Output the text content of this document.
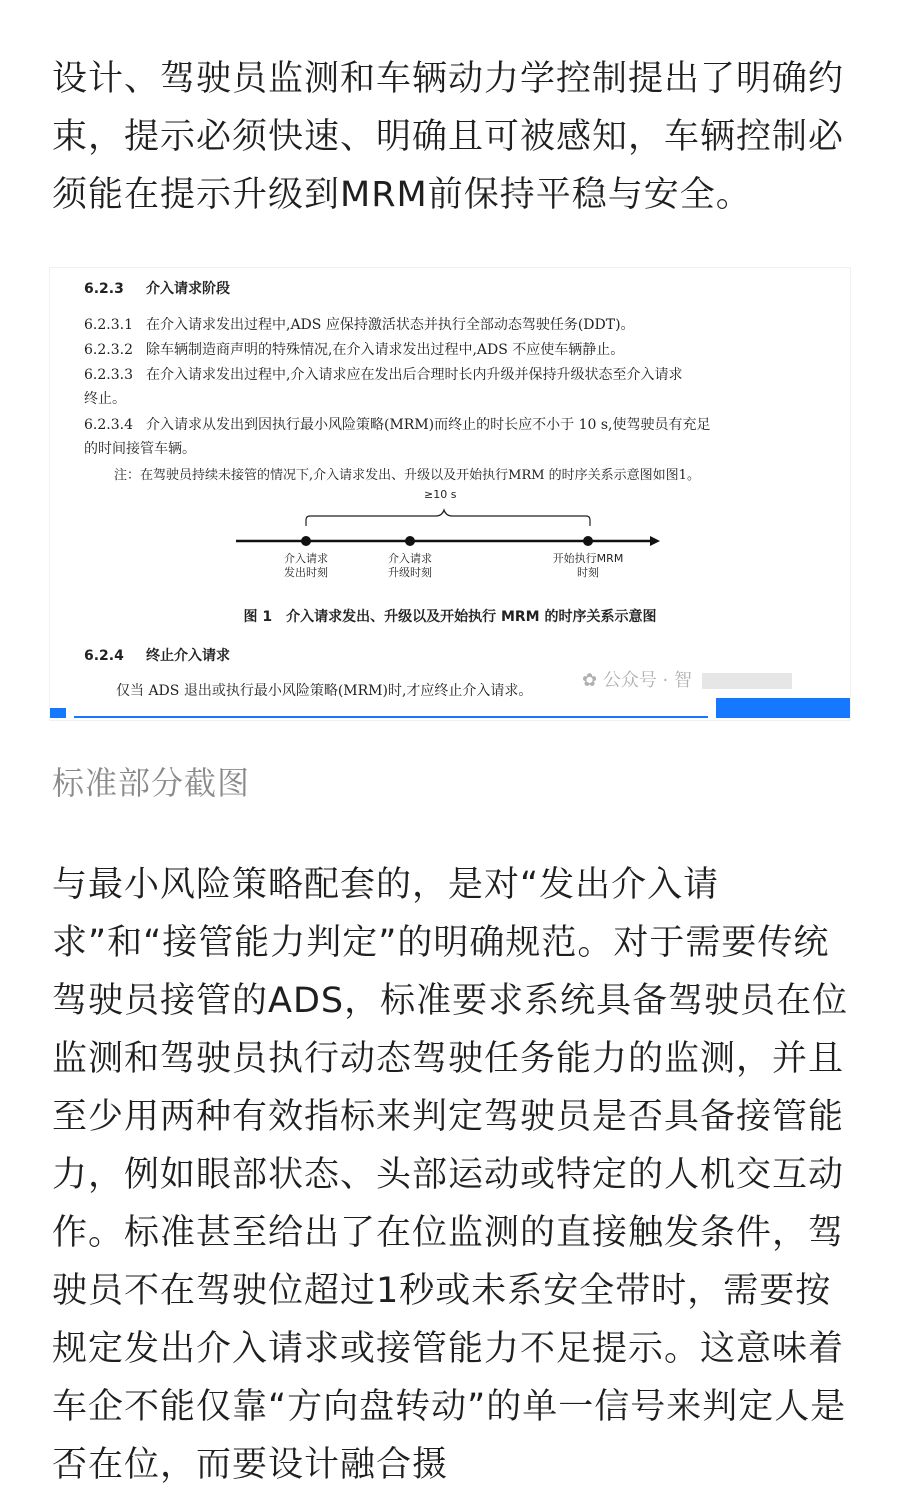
设计、驾驶员监测和车辆动力学控制提出了明确约束，提示必须快速、明确且可被感知，车辆控制必须能在提示升级到MRM前保持平稳与安全。

6.2.3 介入请求阶段
6.2.3.1 在介入请求发出过程中,ADS 应保持激活状态并执行全部动态驾驶任务(DDT)。
6.2.3.2 除车辆制造商声明的特殊情况,在介入请求发出过程中,ADS 不应使车辆静止。
6.2.3.3 在介入请求发出过程中,介入请求应在发出后合理时长内升级并保持升级状态至介入请求
终止。
6.2.3.4 介入请求从发出到因执行最小风险策略(MRM)而终止的时长应不小于 10 s,使驾驶员有充足
的时间接管车辆。
注：在驾驶员持续未接管的情况下,介入请求发出、升级以及开始执行MRM 的时序关系示意图如图1。
≥10 s
介入请求
发出时刻
介入请求
升级时刻
开始执行MRM
时刻
图 1　介入请求发出、升级以及开始执行 MRM 的时序关系示意图
6.2.4 终止介入请求
仅当 ADS 退出或执行最小风险策略(MRM)时,才应终止介入请求。	✿ 公众号 · 智
标准部分截图

与最小风险策略配套的，是对“发出介入请求”和“接管能力判定”的明确规范。对于需要传统驾驶员接管的ADS，标准要求系统具备驾驶员在位监测和驾驶员执行动态驾驶任务能力的监测，并且至少用两种有效指标来判定驾驶员是否具备接管能力，例如眼部状态、头部运动或特定的人机交互动作。标准甚至给出了在位监测的直接触发条件，驾驶员不在驾驶位超过1秒或未系安全带时，需要按规定发出介入请求或接管能力不足提示。这意味着车企不能仅靠“方向盘转动”的单一信号来判定人是否在位，而要设计融合摄
